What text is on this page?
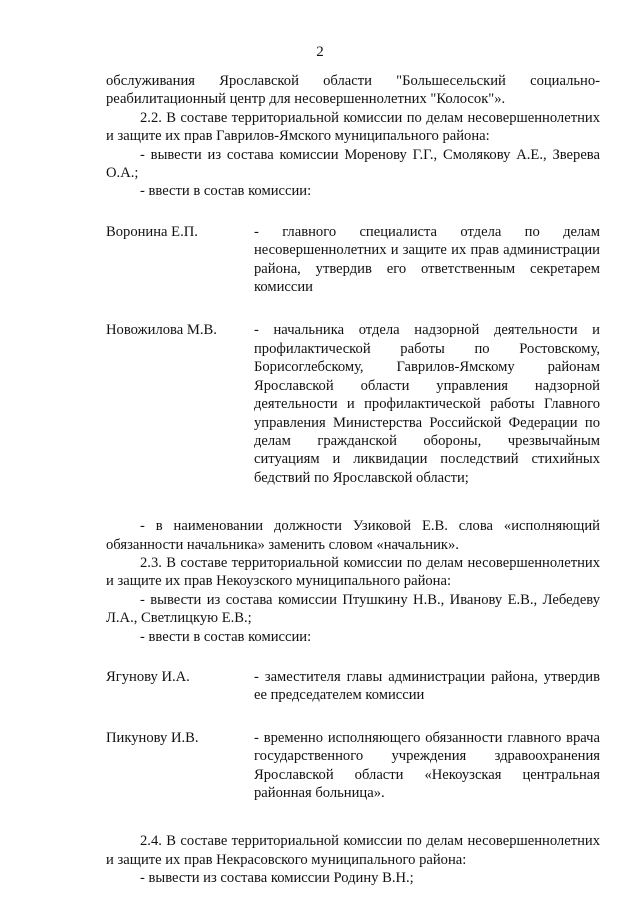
2

обслуживания Ярославской области "Большесельский социально-реабилитационный центр для несовершеннолетних "Колосок"».

2.2. В составе территориальной комиссии по делам несовершеннолетних и защите их прав Гаврилов-Ямского муниципального района:

- вывести из состава комиссии Моренову Г.Г., Смолякову А.Е., Зверева О.А.;

- ввести в состав комиссии:

Воронина Е.П.	- главного специалиста отдела по делам несовершеннолетних и защите их прав администрации района, утвердив его ответственным секретарем комиссии
Новожилова М.В.	- начальника отдела надзорной деятельности и профилактической работы по Ростовскому, Борисоглебскому, Гаврилов-Ямскому районам Ярославской области управления надзорной деятельности и профилактической работы Главного управления Министерства Российской Федерации по делам гражданской обороны, чрезвычайным ситуациям и ликвидации последствий стихийных бедствий по Ярославской области;

- в наименовании должности Узиковой Е.В. слова «исполняющий обязанности начальника» заменить словом «начальник».

2.3. В составе территориальной комиссии по делам несовершеннолетних и защите их прав Некоузского муниципального района:

- вывести из состава комиссии Птушкину Н.В., Иванову Е.В., Лебедеву Л.А., Светлицкую Е.В.;

- ввести в состав комиссии:

Ягунову И.А.	- заместителя главы администрации района, утвердив ее председателем комиссии
Пикунову И.В.	- временно исполняющего обязанности главного врача государственного учреждения здравоохранения Ярославской области «Некоузская центральная районная больница».

2.4. В составе территориальной комиссии по делам несовершеннолетних и защите их прав Некрасовского муниципального района:

- вывести из состава комиссии Родину В.Н.;
